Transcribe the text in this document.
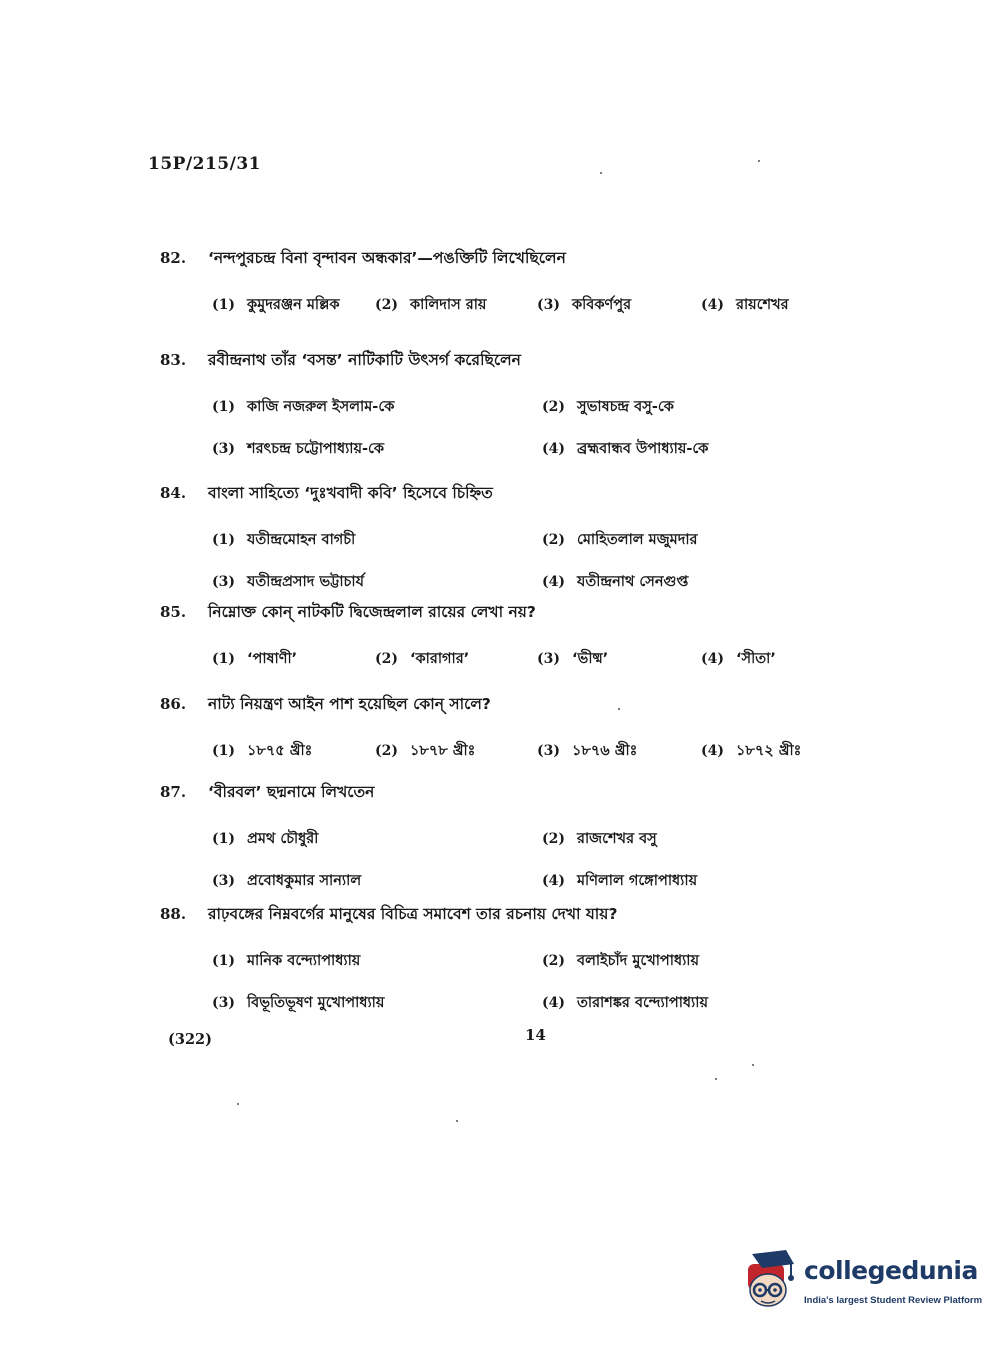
15P/215/31
82.	‘নন্দপুরচন্দ্র বিনা বৃন্দাবন অন্ধকার’—পঙক্তিটি লিখেছিলেন
(1) কুমুদরঞ্জন মল্লিক	(2) কালিদাস রায়	(3) কবিকর্ণপুর	(4) রায়শেখর
83.	রবীন্দ্রনাথ তাঁর ‘বসন্ত’ নাটিকাটি উৎসর্গ করেছিলেন
(1) কাজি নজরুল ইসলাম-কে	(2) সুভাষচন্দ্র বসু-কে
(3) শরৎচন্দ্র চট্টোপাধ্যায়-কে	(4) ব্রহ্মবান্ধব উপাধ্যায়-কে
84.	বাংলা সাহিত্যে ‘দুঃখবাদী কবি’ হিসেবে চিহ্নিত
(1) যতীন্দ্রমোহন বাগচী	(2) মোহিতলাল মজুমদার
(3) যতীন্দ্রপ্রসাদ ভট্টাচার্য	(4) যতীন্দ্রনাথ সেনগুপ্ত
85.	নিম্নোক্ত কোন্ নাটকটি দ্বিজেন্দ্রলাল রায়ের লেখা নয়?
(1) ‘পাষাণী’	(2) ‘কারাগার’	(3) ‘ভীষ্ম’	(4) ‘সীতা’
86.	নাট্য নিয়ন্ত্রণ আইন পাশ হয়েছিল কোন্ সালে?
(1) ১৮৭৫ খ্রীঃ	(2) ১৮৭৮ খ্রীঃ	(3) ১৮৭৬ খ্রীঃ	(4) ১৮৭২ খ্রীঃ
87.	‘বীরবল’ ছদ্মনামে লিখতেন
(1) প্রমথ চৌধুরী	(2) রাজশেখর বসু
(3) প্রবোধকুমার সান্যাল	(4) মণিলাল গঙ্গোপাধ্যায়
88.	রাঢ়বঙ্গের নিম্নবর্গের মানুষের বিচিত্র সমাবেশ তার রচনায় দেখা যায়?
(1) মানিক বন্দ্যোপাধ্যায়	(2) বলাইচাঁদ মুখোপাধ্যায়
(3) বিভূতিভূষণ মুখোপাধ্যায়	(4) তারাশঙ্কর বন্দ্যোপাধ্যায়
(322)	14
collegedunia
India's largest Student Review Platform
